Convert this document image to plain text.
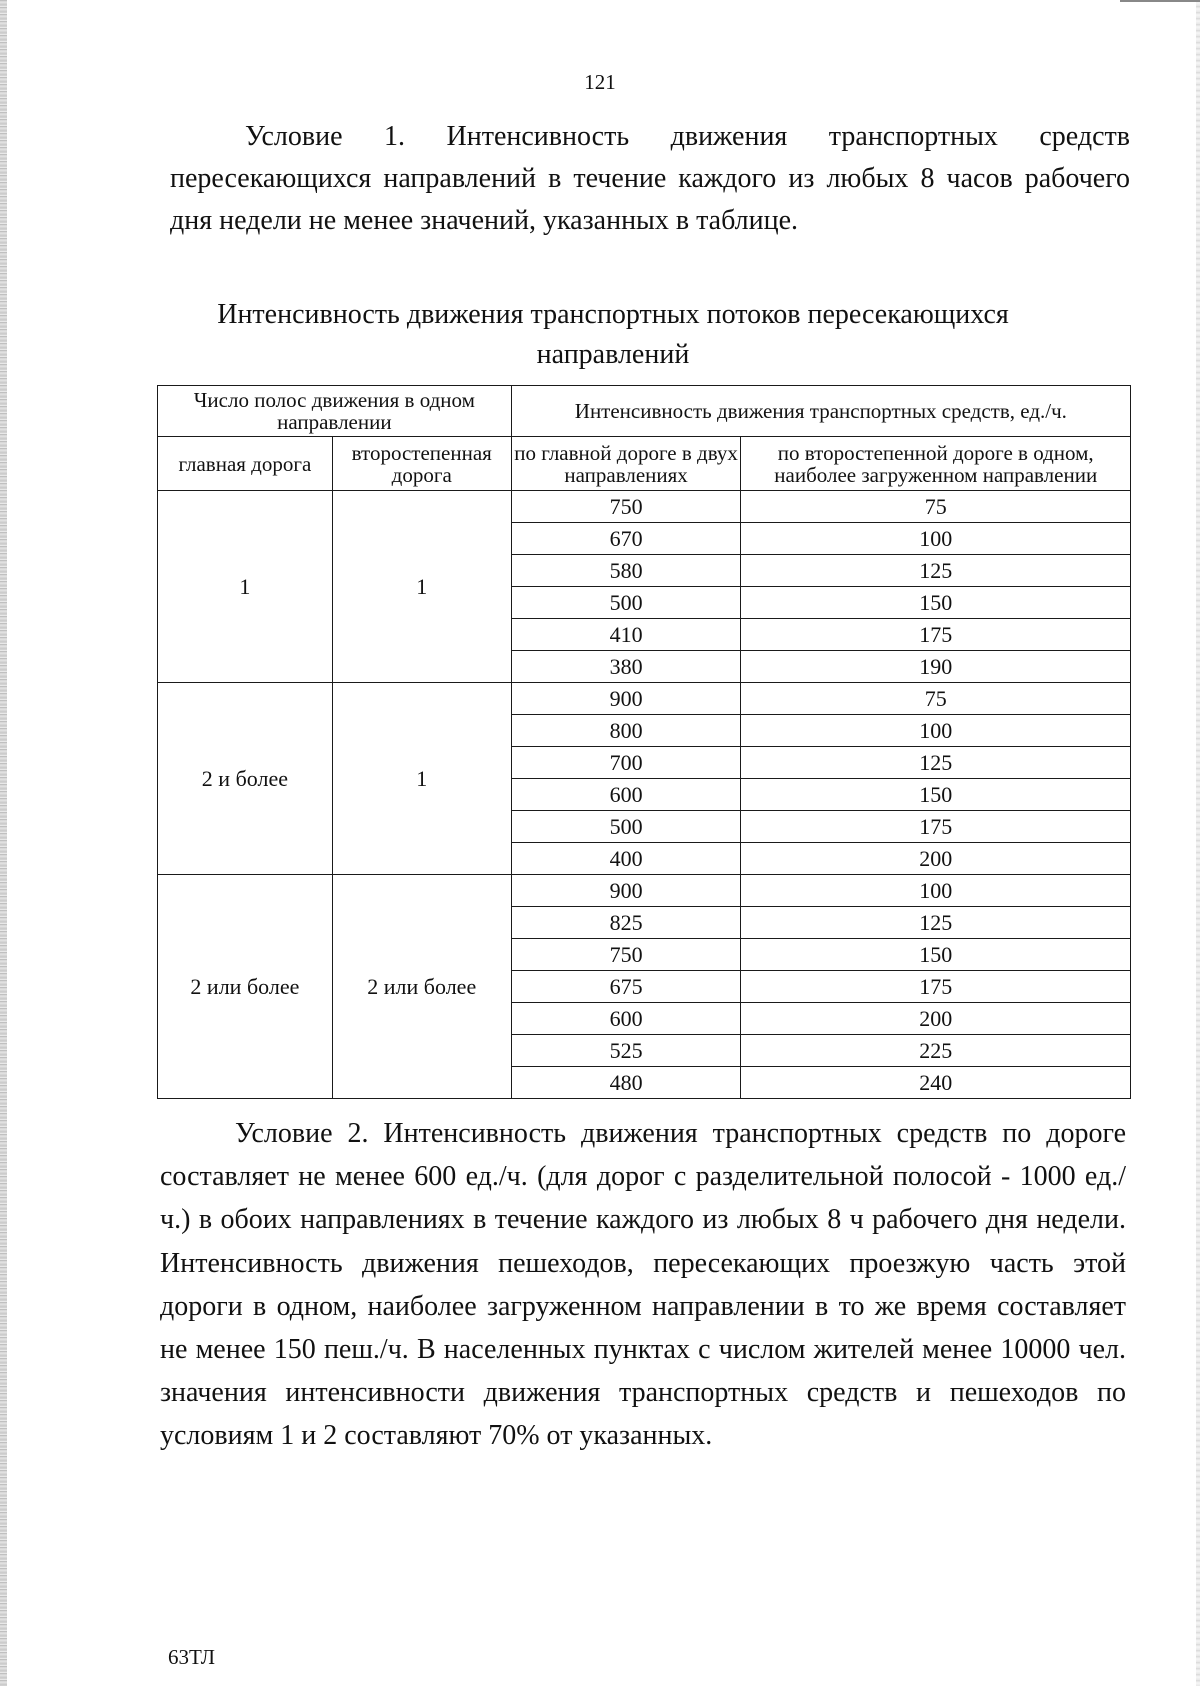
121

Условие 1. Интенсивность движения транспортных средств пересекающихся направлений в течение каждого из любых 8 часов рабочего дня недели не менее значений, указанных в таблице.

Интенсивность движения транспортных потоков пересекающихся направлений
Число полос движения в одном направлении		Интенсивность движения транспортных средств, ед./ч.	
главная дорога	второстепенная дорога	по главной дороге в двух направлениях	по второстепенной дороге в одном, наиболее загруженном направлении
1	1	750	75
		670	100
		580	125
		500	150
		410	175
		380	190
2 и более	1	900	75
		800	100
		700	125
		600	150
		500	175
		400	200
2 или более	2 или более	900	100
		825	125
		750	150
		675	175
		600	200
		525	225
		480	240

Условие 2. Интенсивность движения транспортных средств по дороге составляет не менее 600 ед./ч. (для дорог с разделительной полосой - 1000 ед./ч.) в обоих направлениях в течение каждого из любых 8 ч рабочего дня недели. Интенсивность движения пешеходов, пересекающих проезжую часть этой дороги в одном, наиболее загруженном направлении в то же время составляет не менее 150 пеш./ч. В населенных пунктах с числом жителей менее 10000 чел. значения интенсивности движения транспортных средств и пешеходов по условиям 1 и 2 составляют 70% от указанных.

63ТЛ
